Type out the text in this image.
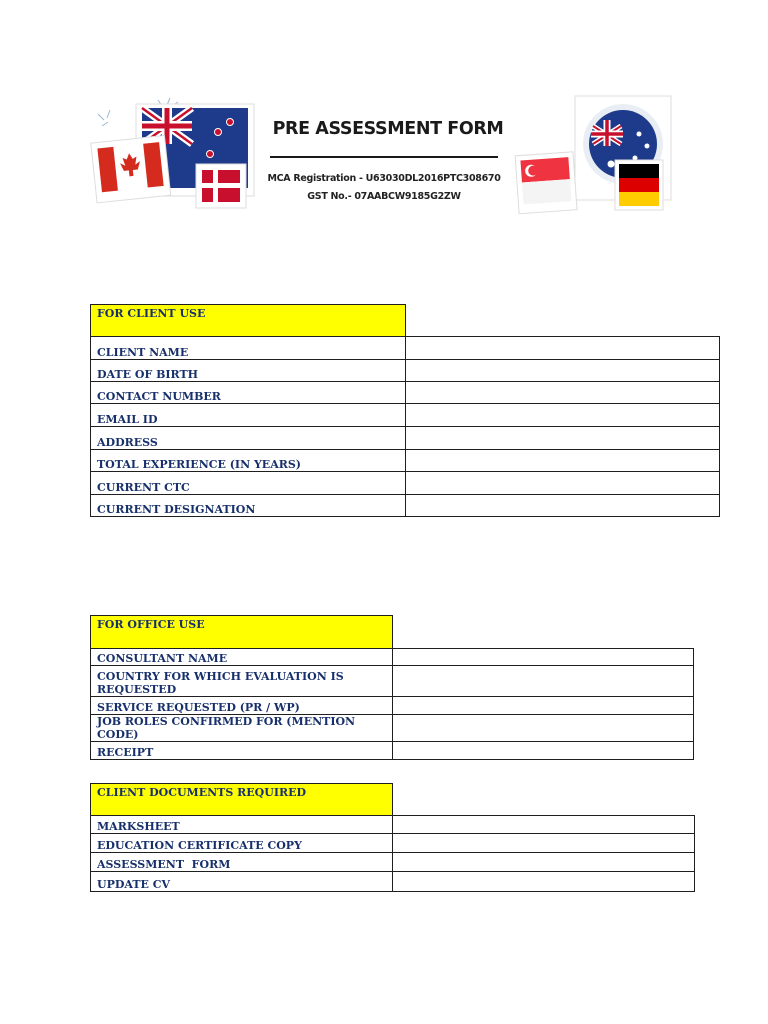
PRE ASSESSMENT FORM
MCA Registration - U63030DL2016PTC308670
GST No.- 07AABCW9185G2ZW
FOR CLIENT USE	
CLIENT NAME	
DATE OF BIRTH	
CONTACT NUMBER	
EMAIL ID	
ADDRESS	
TOTAL EXPERIENCE (IN YEARS)	
CURRENT CTC	
CURRENT DESIGNATION	
FOR OFFICE USE	
CONSULTANT NAME	
COUNTRY FOR WHICH EVALUATION IS REQUESTED	
SERVICE REQUESTED (PR / WP)	
JOB ROLES CONFIRMED FOR (MENTION CODE)	
RECEIPT	
CLIENT DOCUMENTS REQUIRED	
MARKSHEET	
EDUCATION CERTIFICATE COPY	
ASSESSMENT  FORM	
UPDATE CV	
